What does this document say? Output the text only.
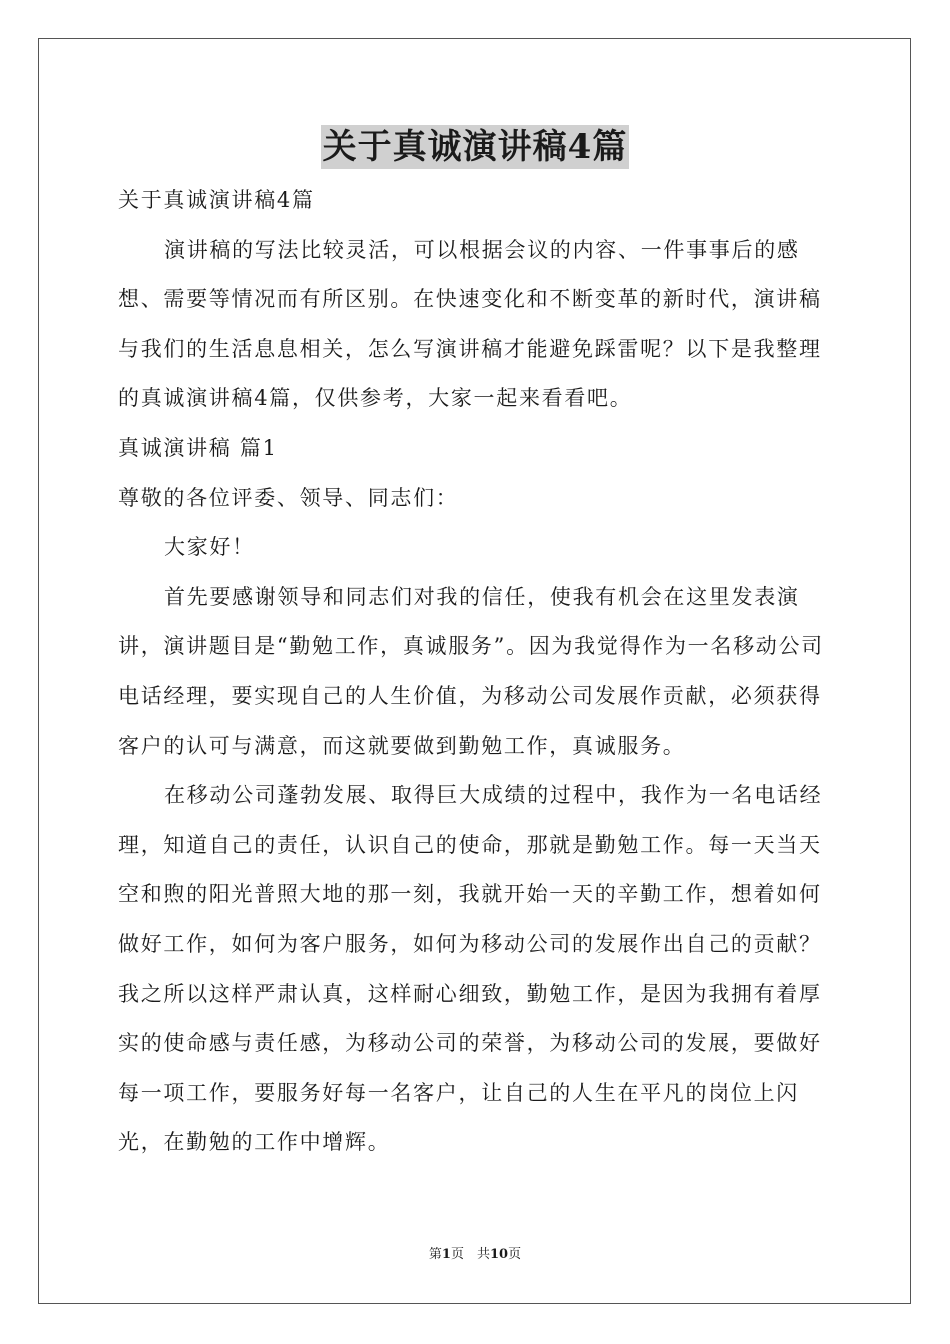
关于真诚演讲稿4篇

关于真诚演讲稿4篇

演讲稿的写法比较灵活，可以根据会议的内容、一件事事后的感想、需要等情况而有所区别。在快速变化和不断变革的新时代，演讲稿与我们的生活息息相关，怎么写演讲稿才能避免踩雷呢？以下是我整理的真诚演讲稿4篇，仅供参考，大家一起来看看吧。

真诚演讲稿 篇1

尊敬的各位评委、领导、同志们：

大家好！

首先要感谢领导和同志们对我的信任，使我有机会在这里发表演讲，演讲题目是“勤勉工作，真诚服务”。因为我觉得作为一名移动公司电话经理，要实现自己的人生价值，为移动公司发展作贡献，必须获得客户的认可与满意，而这就要做到勤勉工作，真诚服务。

在移动公司蓬勃发展、取得巨大成绩的过程中，我作为一名电话经理，知道自己的责任，认识自己的使命，那就是勤勉工作。每一天当天空和煦的阳光普照大地的那一刻，我就开始一天的辛勤工作，想着如何做好工作，如何为客户服务，如何为移动公司的发展作出自己的贡献？我之所以这样严肃认真，这样耐心细致，勤勉工作，是因为我拥有着厚实的使命感与责任感，为移动公司的荣誉，为移动公司的发展，要做好每一项工作，要服务好每一名客户，让自己的人生在平凡的岗位上闪光，在勤勉的工作中增辉。

第1页　共10页
